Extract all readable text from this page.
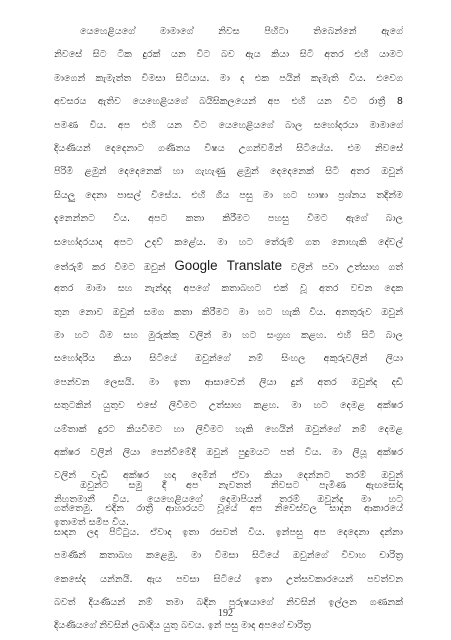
යෙහෙළියගේ මාමාගේ නිවස පිහිටා තිබෙන්නේ ඇගේ
නිවසේ සිට ටික දුරක් යන විට බව ඇය කියා සිටි අතර එහි යාමට
මාගෙන් කැමැත්ත විමසා සිටියාය. මා ද එක පයින් කැමැති විය. එවෙග
අවසරය ඇතිව යෙහෙළියගේ බයිසිකලයෙන් අප එහි යන විට රාත්‍රී 8
පමණ විය. අප එහි යන විට යෙහෙළියගේ බාල සහෝදරයා මාමාගේ
දියණියන් දෙදෙනාට ගණිතය විෂය උගන්වමින් සිටියේය. එම නිවසේ
පිරිමි ළමුන් දෙදෙනෙක් හා ගැහැණු ළමුන් දෙදෙනෙක් සිටි අතර ඔවුන්
සියලු දෙනා පාසල් විසේය. එහි ගිය පසු මා හට භාෂා ප්‍රශ්නය තදින්ම
දැනෙන්නට විය. අපට කතා කිරීමට පහසු වීමට ඇගේ බාල
සහෝදරයාද අපට උදව් කළේය. මා හට තේරුම් ගත නොහැකි දේවල්
තේරුම් කර වීමට ඔවුන් Google Translate වලින් පවා උත්සාහ ගත්
අතර මාමා සහ නැන්දාද අපගේ කතාබහට එක් වූ අතර වචන දෙක
තුන නොව ඔවුන් සමග කතා කිරීමට මා හට හැකි විය. අනතුරුව ඔවුන්
මා හට බීම සහ මුරුක්කු වලින් මා හට සංග්‍රහ කළහ. එහි සිටි බාල
සහෝදරිය කියා සිටියේ ඔවුන්ගේ නම් සිංහල අකුරුවලින් ලියා
පෙන්වන ලෙසයි. මා ඉතා ආසාවෙන් ලියා දුන් අතර ඔවුන්ද දඩි
සතුටකින් යුතුව එසේ ලිවීමට උත්සාහ කළහ. මා හට දෙමළ අක්ෂර
යම්තාක් දුරට කියවීමට හා ලිවීමට හැකි හෙයින් ඔවුන්ගේ නම් දෙමළ
අක්ෂර වලින් ලියා පෙන්වීමේදී ඔවුන් පුදුමයට පත් විය. මා ලියූ අක්ෂර
වලින් වැඩි අක්ෂර හදා දෙමින් ඒවා කියා දෙන්නට තරම් ඔවුන්
නිහතමානී විය. යෙහෙළියගේ දෙමාපියන් තරම් ඔවුන්ද මා හට
ඉතාමත් සමීප විය.
ඔවුන්ට සමු දී අප නැවතත් නිවසට පැමිණ ඇඟසෝදා
ගත්තෙමු. එදින රාත්‍රී ආහාරයට වූයේ අප නිවෙස්වල සාදන ආකාරයේ
සාදන ලද පිට්ටුය. ඒවාද ඉතා රසවත් විය. ඉන්පසු අප දෙදෙනා දන්නා
පමණින් කතාබහ කළෙමු. මා විමසා සිටියේ ඔවුන්ගේ විවාහ චාරිත්‍ර
කෙසේද යන්නයි. ඇය පවසා සිටියේ ඉතා උත්සවකාරයෙන් පවත්වන
බවත් දියණියන් නම් තමා බඳින පුරුෂයාගේ නිවසින් ඉල්ලන ගණනක්
දියණියගේ නිවසින් ලබාදිය යුතු බවය. ඉන් පසු මාද අපගේ චාරිත්‍ර
192
